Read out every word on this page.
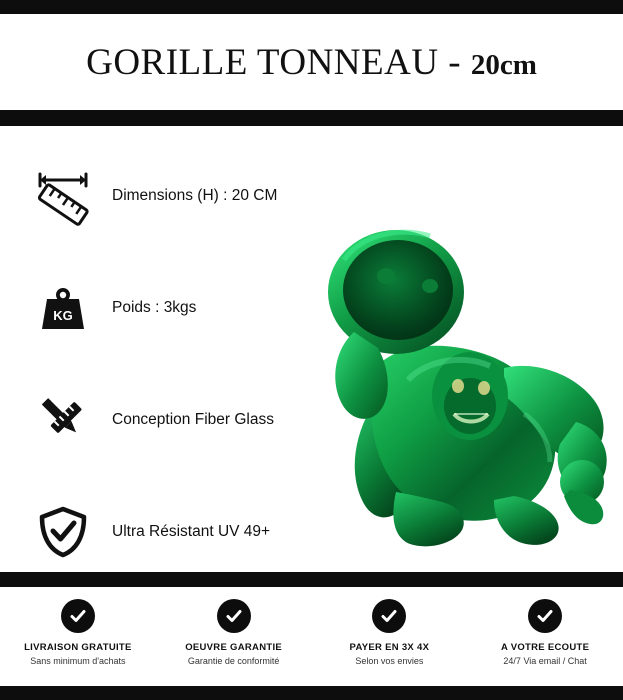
GORILLE TONNEAU - 20cm
Dimensions (H) : 20 CM
KG	Poids : 3kgs
Conception Fiber Glass
Ultra Résistant UV 49+
LIVRAISON GRATUITE
Sans minimum d'achats
OEUVRE GARANTIE
Garantie de conformité
PAYER EN 3X 4X
Selon vos envies
A VOTRE ECOUTE
24/7 Via email / Chat
